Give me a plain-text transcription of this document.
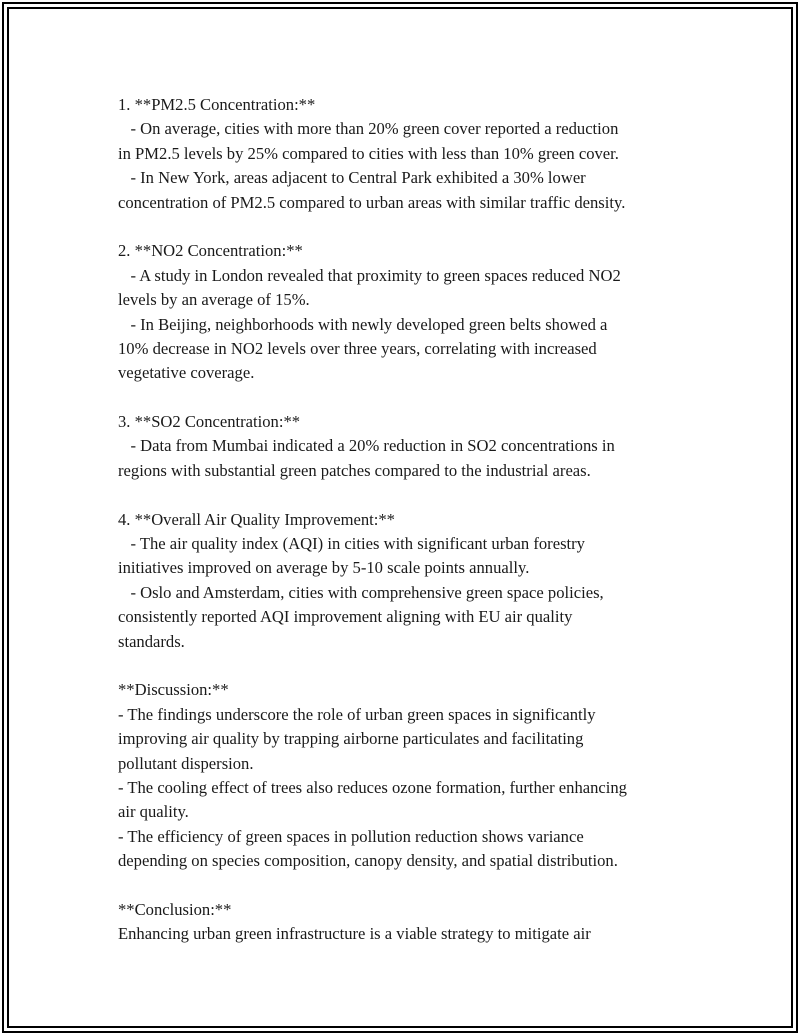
1. **PM2.5 Concentration:**
- On average, cities with more than 20% green cover reported a reduction
in PM2.5 levels by 25% compared to cities with less than 10% green cover.
- In New York, areas adjacent to Central Park exhibited a 30% lower
concentration of PM2.5 compared to urban areas with similar traffic density.
2. **NO2 Concentration:**
- A study in London revealed that proximity to green spaces reduced NO2
levels by an average of 15%.
- In Beijing, neighborhoods with newly developed green belts showed a
10% decrease in NO2 levels over three years, correlating with increased
vegetative coverage.
3. **SO2 Concentration:**
- Data from Mumbai indicated a 20% reduction in SO2 concentrations in
regions with substantial green patches compared to the industrial areas.
4. **Overall Air Quality Improvement:**
- The air quality index (AQI) in cities with significant urban forestry
initiatives improved on average by 5-10 scale points annually.
- Oslo and Amsterdam, cities with comprehensive green space policies,
consistently reported AQI improvement aligning with EU air quality
standards.
**Discussion:**
- The findings underscore the role of urban green spaces in significantly
improving air quality by trapping airborne particulates and facilitating
pollutant dispersion.
- The cooling effect of trees also reduces ozone formation, further enhancing
air quality.
- The efficiency of green spaces in pollution reduction shows variance
depending on species composition, canopy density, and spatial distribution.
**Conclusion:**
Enhancing urban green infrastructure is a viable strategy to mitigate air
